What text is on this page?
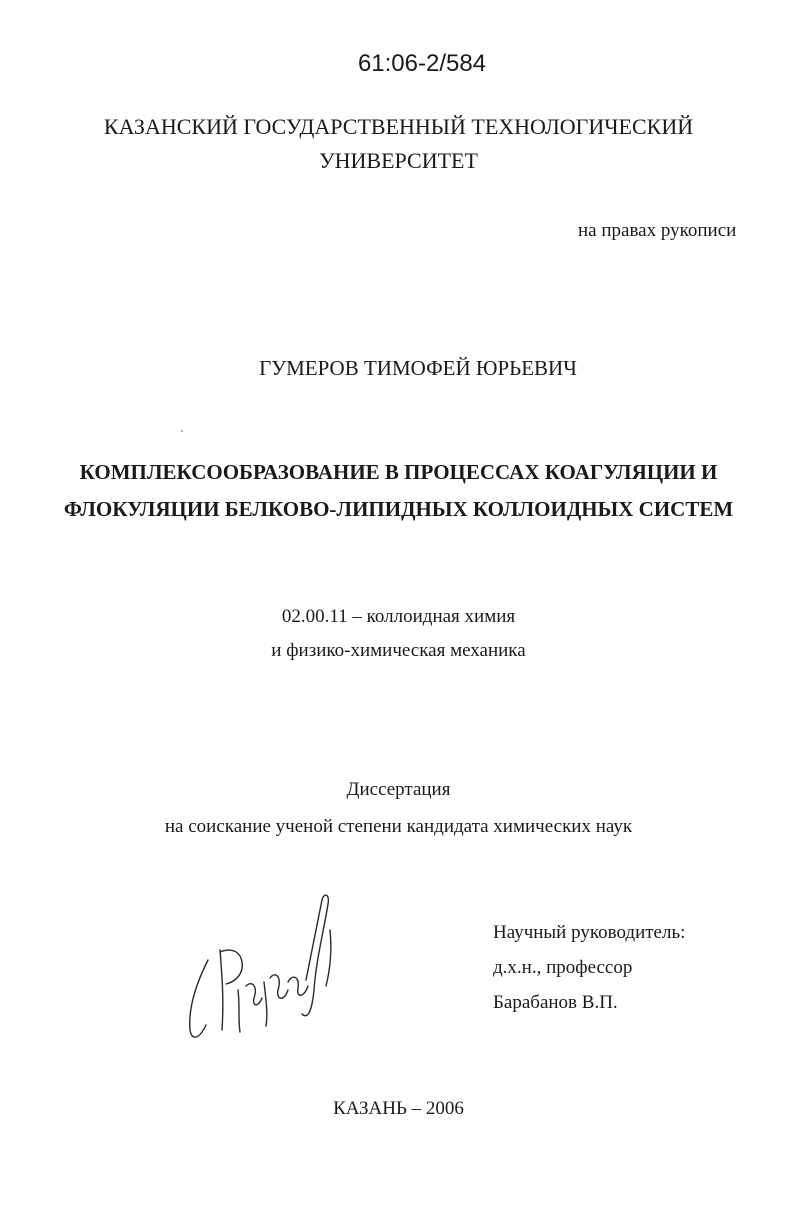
61:06-2/584
КАЗАНСКИЙ ГОСУДАРСТВЕННЫЙ ТЕХНОЛОГИЧЕСКИЙ
УНИВЕРСИТЕТ
на правах рукописи
ГУМЕРОВ ТИМОФЕЙ ЮРЬЕВИЧ
КОМПЛЕКСООБРАЗОВАНИЕ В ПРОЦЕССАХ КОАГУЛЯЦИИ И
ФЛОКУЛЯЦИИ БЕЛКОВО-ЛИПИДНЫХ КОЛЛОИДНЫХ СИСТЕМ
02.00.11 – коллоидная химия
и физико-химическая механика
Диссертация
на соискание ученой степени кандидата химических наук
Научный руководитель:
д.х.н., профессор
Барабанов В.П.
КАЗАНЬ – 2006
